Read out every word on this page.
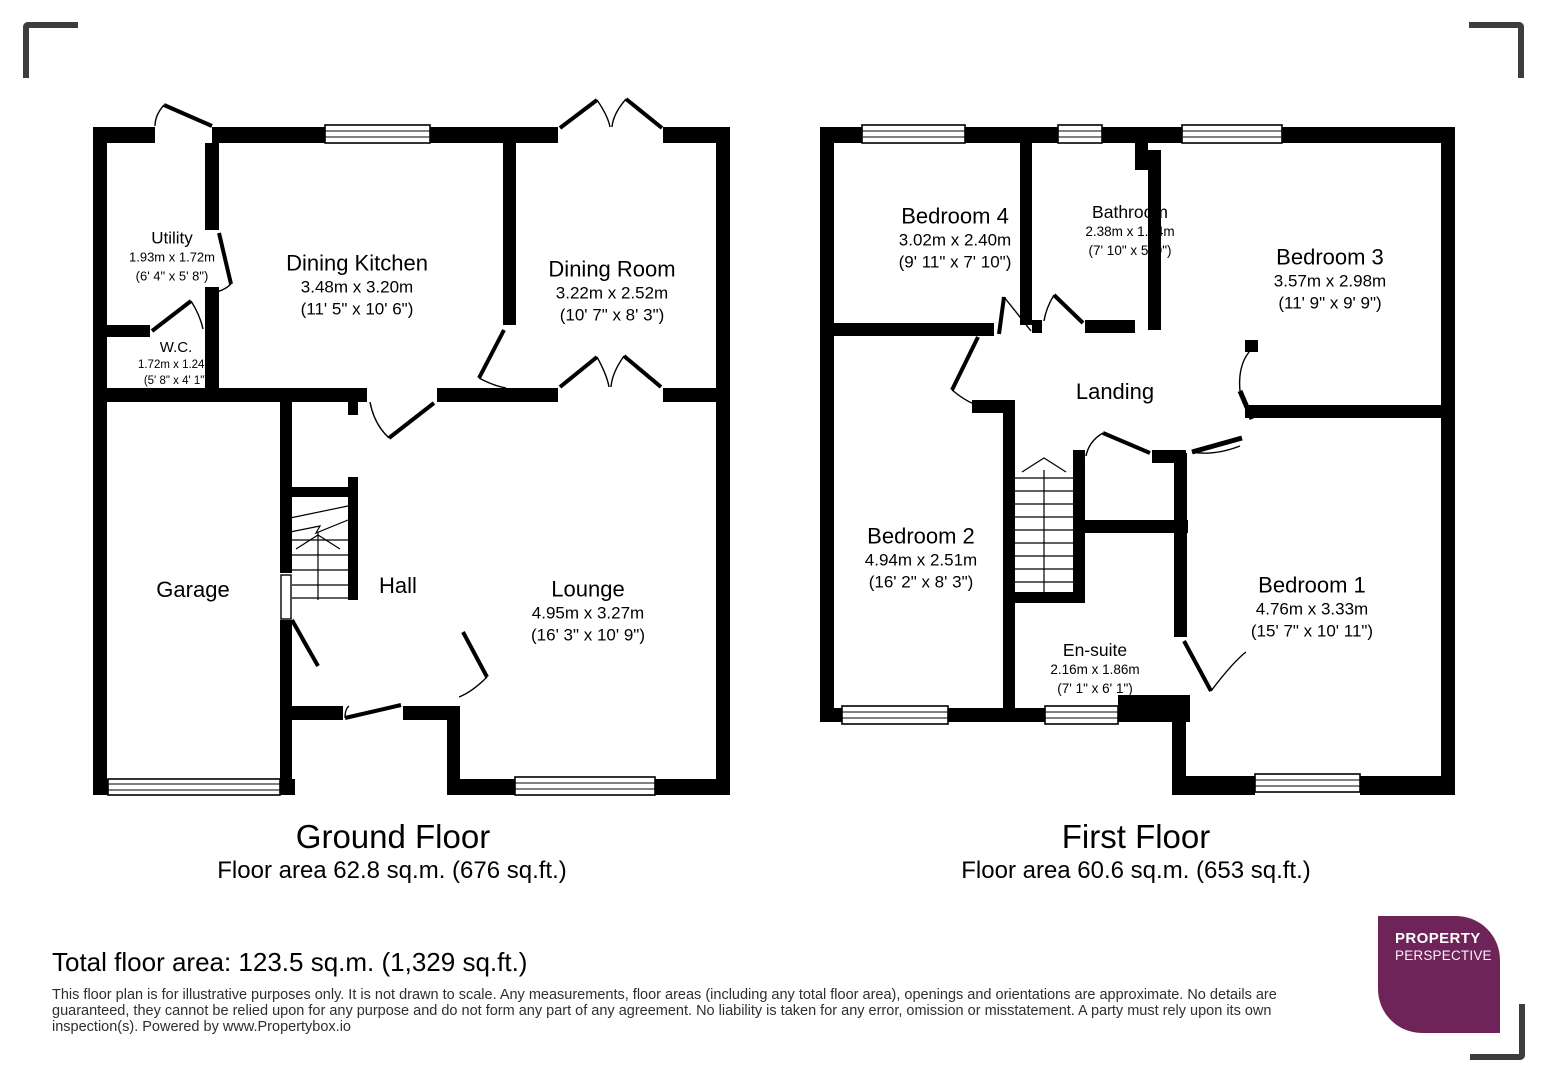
Utility
1.93m x 1.72m
(6' 4" x 5' 8")
W.C.
1.72m x 1.24m
(5' 8" x 4' 1")
Dining Kitchen
3.48m x 3.20m
(11' 5" x 10' 6")
Dining Room
3.22m x 2.52m
(10' 7" x 8' 3")
Garage	Hall	Lounge
4.95m x 3.27m
(16' 3" x 10' 9")
Bedroom 4
3.02m x 2.40m
(9' 11" x 7' 10")
Bathroom
2.38m x 1.74m
(7' 10" x 5' 9")	Bedroom 3
3.57m x 2.98m
(11' 9" x 9' 9")
Landing
Bedroom 2
4.94m x 2.51m
(16' 2" x 8' 3")
En-suite
2.16m x 1.86m
(7' 1" x 6' 1")
Bedroom 1
4.76m x 3.33m
(15' 7" x 10' 11")
Ground Floor
Floor area 62.8 sq.m. (676 sq.ft.)
First Floor
Floor area 60.6 sq.m. (653 sq.ft.)
Total floor area: 123.5 sq.m. (1,329 sq.ft.)
This floor plan is for illustrative purposes only. It is not drawn to scale. Any measurements, floor areas (including any total floor area), openings and orientations are approximate. No details are guaranteed, they cannot be relied upon for any purpose and do not form any part of any agreement. No liability is taken for any error, omission or misstatement. A party must rely upon its own inspection(s). Powered by www.Propertybox.io
PROPERTY
PERSPECTIVE
